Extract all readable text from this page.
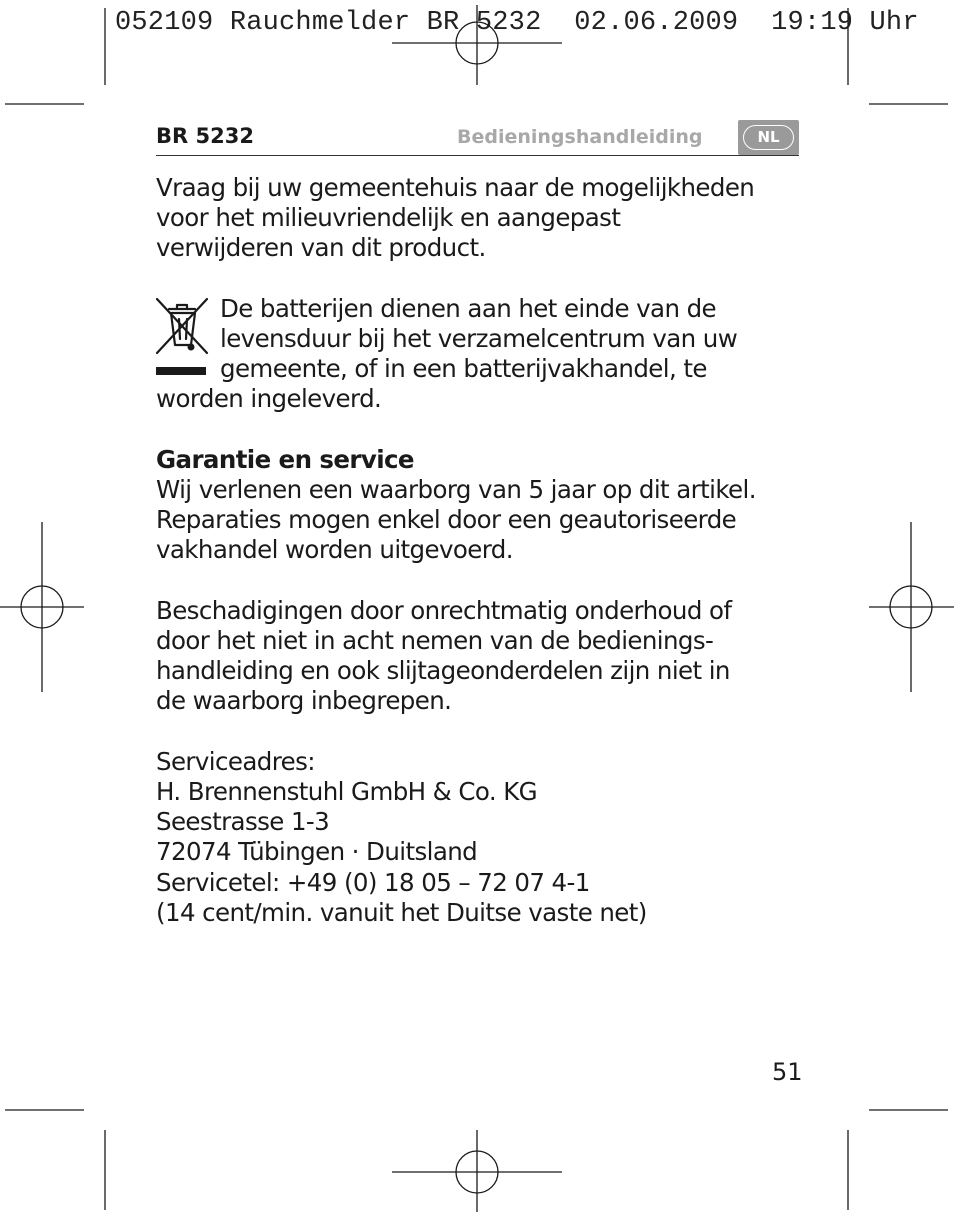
052109 Rauchmelder BR 5232  02.06.2009  19:19 Uhr
BR 5232	Bedieningshandleiding	NL

Vraag bij uw gemeentehuis naar de mogelijkheden

voor het milieuvriendelijk en aangepast

verwijderen van dit product.

De batterijen dienen aan het einde van de

levensduur bij het verzamelcentrum van uw

gemeente, of in een batterijvakhandel, te

worden ingeleverd.

Garantie en service

Wij verlenen een waarborg van 5 jaar op dit artikel.

Reparaties mogen enkel door een geautoriseerde

vakhandel worden uitgevoerd.

Beschadigingen door onrechtmatig onderhoud of

door het niet in acht nemen van de bedienings-

handleiding en ook slijtageonderdelen zijn niet in

de waarborg inbegrepen.

Serviceadres:

H. Brennenstuhl GmbH & Co. KG

Seestrasse 1-3

72074 Tübingen · Duitsland

Servicetel: +49 (0) 18 05 – 72 07 4-1

(14 cent/min. vanuit het Duitse vaste net)

51
